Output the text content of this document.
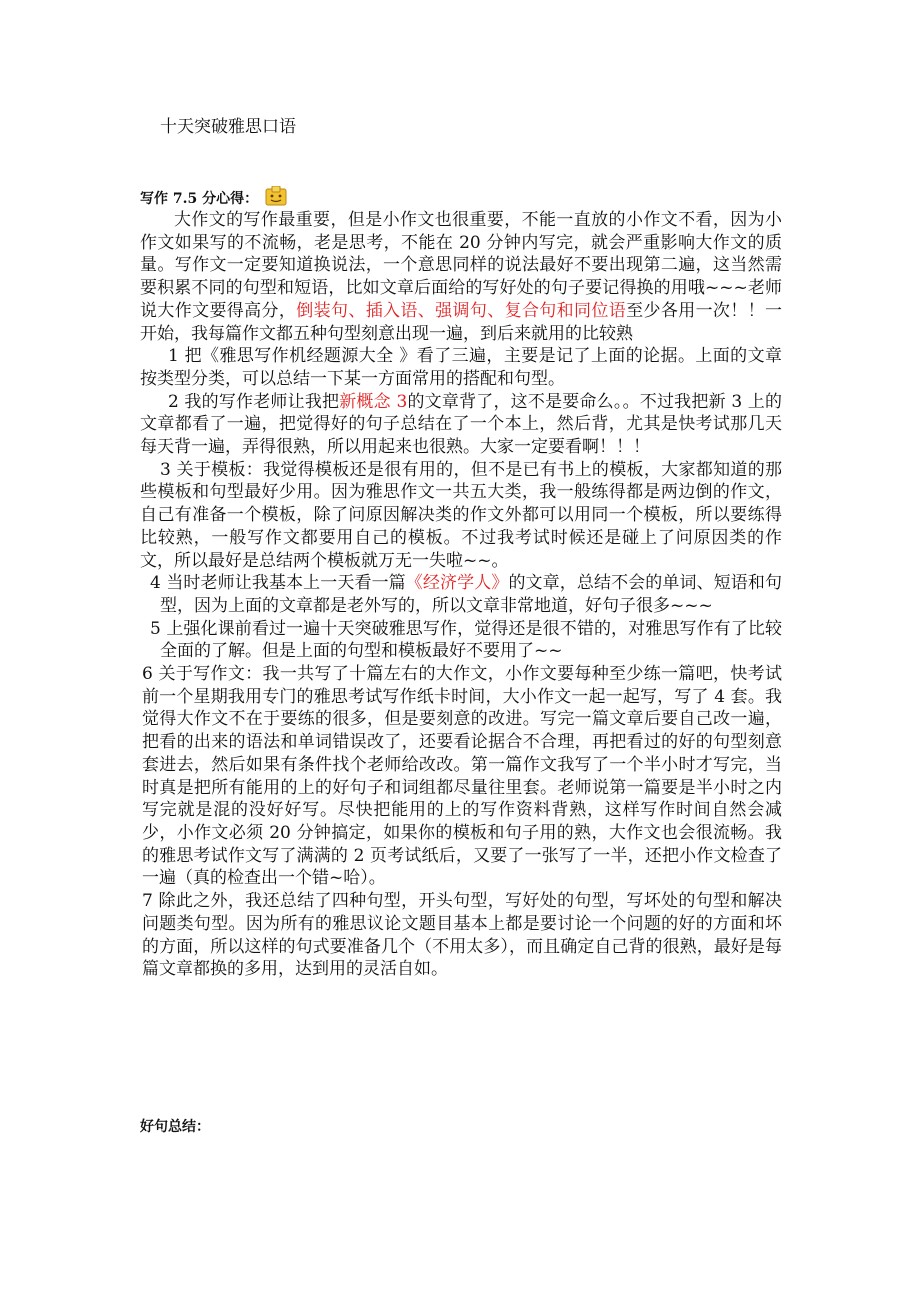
十天突破雅思口语
写作 7.5 分心得：

大作文的写作最重要，但是小作文也很重要，不能一直放的小作文不看，因为小作文如果写的不流畅，老是思考，不能在 20 分钟内写完，就会严重影响大作文的质量。写作文一定要知道换说法，一个意思同样的说法最好不要出现第二遍，这当然需要积累不同的句型和短语，比如文章后面给的写好处的句子要记得换的用哦~~~老师说大作文要得高分，倒装句、插入语、强调句、复合句和同位语至少各用一次！！一开始，我每篇作文都五种句型刻意出现一遍，到后来就用的比较熟

1 把《雅思写作机经题源大全 》看了三遍，主要是记了上面的论据。上面的文章按类型分类，可以总结一下某一方面常用的搭配和句型。

2 我的写作老师让我把新概念 3的文章背了，这不是要命么。。不过我把新 3 上的文章都看了一遍，把觉得好的句子总结在了一个本上，然后背，尤其是快考试那几天每天背一遍，弄得很熟，所以用起来也很熟。大家一定要看啊！！！

3 关于模板：我觉得模板还是很有用的，但不是已有书上的模板，大家都知道的那些模板和句型最好少用。因为雅思作文一共五大类，我一般练得都是两边倒的作文，自己有准备一个模板，除了问原因解决类的作文外都可以用同一个模板，所以要练得比较熟，一般写作文都要用自己的模板。不过我考试时候还是碰上了问原因类的作文，所以最好是总结两个模板就万无一失啦~~。

4 当时老师让我基本上一天看一篇《经济学人》的文章，总结不会的单词、短语和句型，因为上面的文章都是老外写的，所以文章非常地道，好句子很多~~~

5 上强化课前看过一遍十天突破雅思写作，觉得还是很不错的，对雅思写作有了比较全面的了解。但是上面的句型和模板最好不要用了~~

6 关于写作文：我一共写了十篇左右的大作文，小作文要每种至少练一篇吧，快考试前一个星期我用专门的雅思考试写作纸卡时间，大小作文一起一起写，写了 4 套。我觉得大作文不在于要练的很多，但是要刻意的改进。写完一篇文章后要自己改一遍，把看的出来的语法和单词错误改了，还要看论据合不合理，再把看过的好的句型刻意套进去，然后如果有条件找个老师给改改。第一篇作文我写了一个半小时才写完，当时真是把所有能用的上的好句子和词组都尽量往里套。老师说第一篇要是半小时之内写完就是混的没好好写。尽快把能用的上的写作资料背熟，这样写作时间自然会减少，小作文必须 20 分钟搞定，如果你的模板和句子用的熟，大作文也会很流畅。我的雅思考试作文写了满满的 2 页考试纸后，又要了一张写了一半，还把小作文检查了一遍（真的检查出一个错~哈）。

7 除此之外，我还总结了四种句型，开头句型，写好处的句型，写坏处的句型和解决问题类句型。因为所有的雅思议论文题目基本上都是要讨论一个问题的好的方面和坏的方面，所以这样的句式要准备几个（不用太多），而且确定自己背的很熟，最好是每篇文章都换的多用，达到用的灵活自如。

好句总结：
